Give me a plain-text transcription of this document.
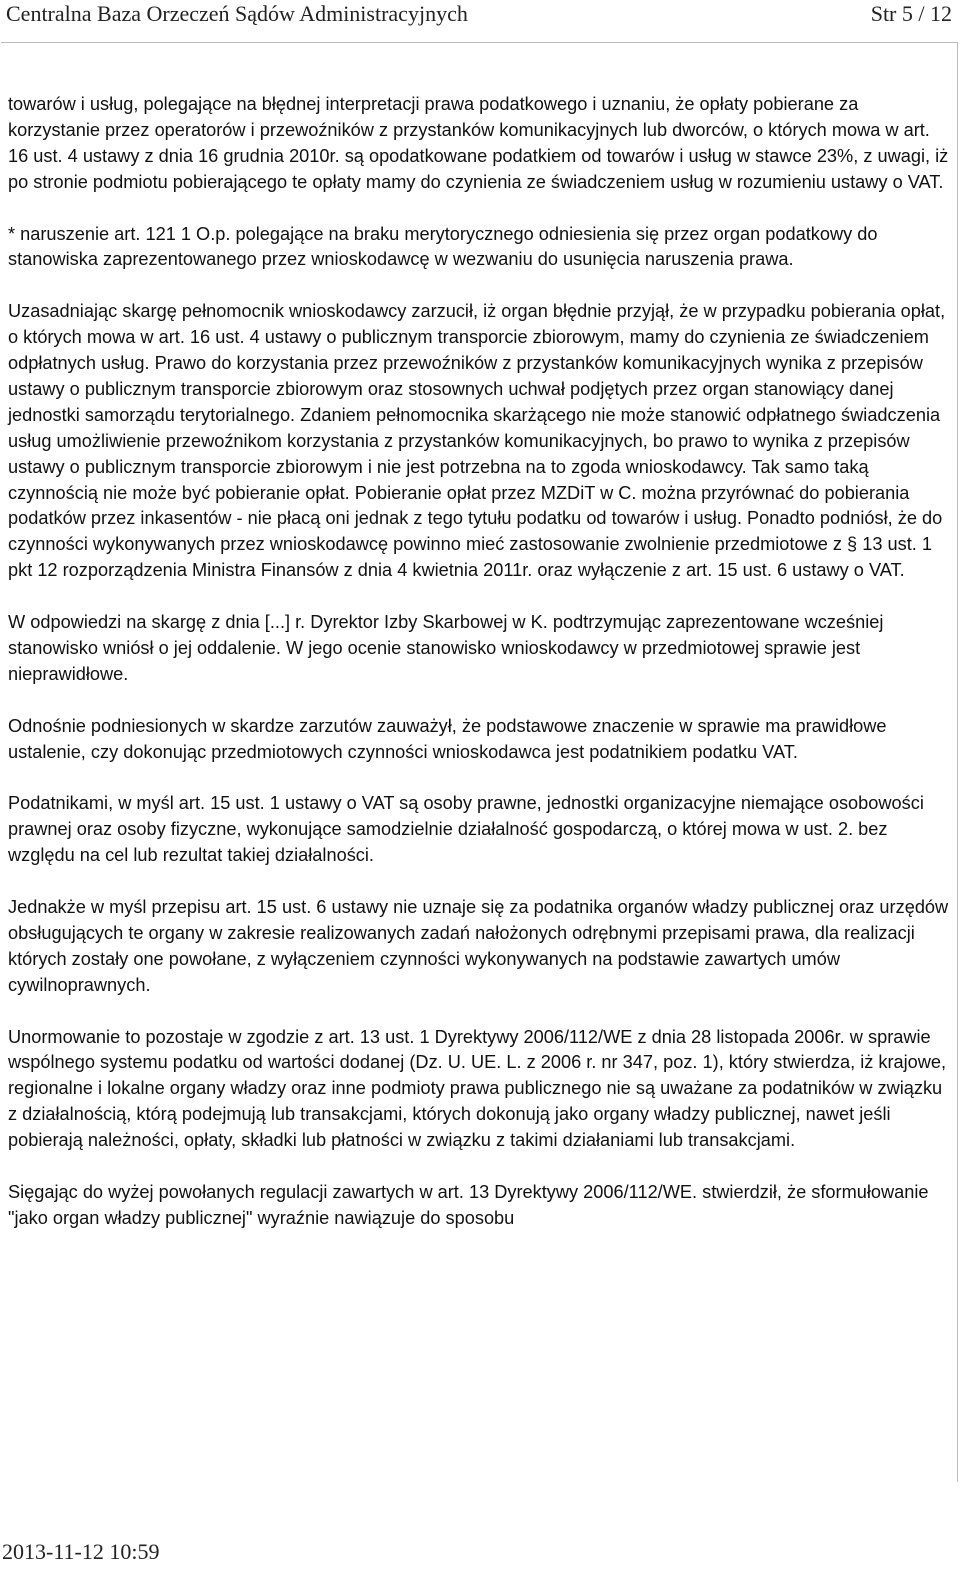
Centralna Baza Orzeczeń Sądów Administracyjnych	Str 5 / 12

towarów i usług, polegające na błędnej interpretacji prawa podatkowego i uznaniu, że opłaty pobierane za korzystanie przez operatorów i przewoźników z przystanków komunikacyjnych lub dworców, o których mowa w art. 16 ust. 4 ustawy z dnia 16 grudnia 2010r. są opodatkowane podatkiem od towarów i usług w stawce 23%, z uwagi, iż po stronie podmiotu pobierającego te opłaty mamy do czynienia ze świadczeniem usług w rozumieniu ustawy o VAT.

* naruszenie art. 121 1 O.p. polegające na braku merytorycznego odniesienia się przez organ podatkowy do stanowiska zaprezentowanego przez wnioskodawcę w wezwaniu do usunięcia naruszenia prawa.

Uzasadniając skargę pełnomocnik wnioskodawcy zarzucił, iż organ błędnie przyjął, że w przypadku pobierania opłat, o których mowa w art. 16 ust. 4 ustawy o publicznym transporcie zbiorowym, mamy do czynienia ze świadczeniem odpłatnych usług. Prawo do korzystania przez przewoźników z przystanków komunikacyjnych wynika z przepisów ustawy o publicznym transporcie zbiorowym oraz stosownych uchwał podjętych przez organ stanowiący danej jednostki samorządu terytorialnego. Zdaniem pełnomocnika skarżącego nie może stanowić odpłatnego świadczenia usług umożliwienie przewoźnikom korzystania z przystanków komunikacyjnych, bo prawo to wynika z przepisów ustawy o publicznym transporcie zbiorowym i nie jest potrzebna na to zgoda wnioskodawcy. Tak samo taką czynnością nie może być pobieranie opłat. Pobieranie opłat przez MZDiT w C. można przyrównać do pobierania podatków przez inkasentów - nie płacą oni jednak z tego tytułu podatku od towarów i usług. Ponadto podniósł, że do czynności wykonywanych przez wnioskodawcę powinno mieć zastosowanie zwolnienie przedmiotowe z § 13 ust. 1 pkt 12 rozporządzenia Ministra Finansów z dnia 4 kwietnia 2011r. oraz wyłączenie z art. 15 ust. 6 ustawy o VAT.

W odpowiedzi na skargę z dnia [...] r. Dyrektor Izby Skarbowej w K. podtrzymując zaprezentowane wcześniej stanowisko wniósł o jej oddalenie. W jego ocenie stanowisko wnioskodawcy w przedmiotowej sprawie jest nieprawidłowe.

Odnośnie podniesionych w skardze zarzutów zauważył, że podstawowe znaczenie w sprawie ma prawidłowe ustalenie, czy dokonując przedmiotowych czynności wnioskodawca jest podatnikiem podatku VAT.

Podatnikami, w myśl art. 15 ust. 1 ustawy o VAT są osoby prawne, jednostki organizacyjne niemające osobowości prawnej oraz osoby fizyczne, wykonujące samodzielnie działalność gospodarczą, o której mowa w ust. 2. bez względu na cel lub rezultat takiej działalności.

Jednakże w myśl przepisu art. 15 ust. 6 ustawy nie uznaje się za podatnika organów władzy publicznej oraz urzędów obsługujących te organy w zakresie realizowanych zadań nałożonych odrębnymi przepisami prawa, dla realizacji których zostały one powołane, z wyłączeniem czynności wykonywanych na podstawie zawartych umów cywilnoprawnych.

Unormowanie to pozostaje w zgodzie z art. 13 ust. 1 Dyrektywy 2006/112/WE z dnia 28 listopada 2006r. w sprawie wspólnego systemu podatku od wartości dodanej (Dz. U. UE. L. z 2006 r. nr 347, poz. 1), który stwierdza, iż krajowe, regionalne i lokalne organy władzy oraz inne podmioty prawa publicznego nie są uważane za podatników w związku z działalnością, którą podejmują lub transakcjami, których dokonują jako organy władzy publicznej, nawet jeśli pobierają należności, opłaty, składki lub płatności w związku z takimi działaniami lub transakcjami.

Sięgając do wyżej powołanych regulacji zawartych w art. 13 Dyrektywy 2006/112/WE. stwierdził, że sformułowanie "jako organ władzy publicznej" wyraźnie nawiązuje do sposobu

2013-11-12 10:59
